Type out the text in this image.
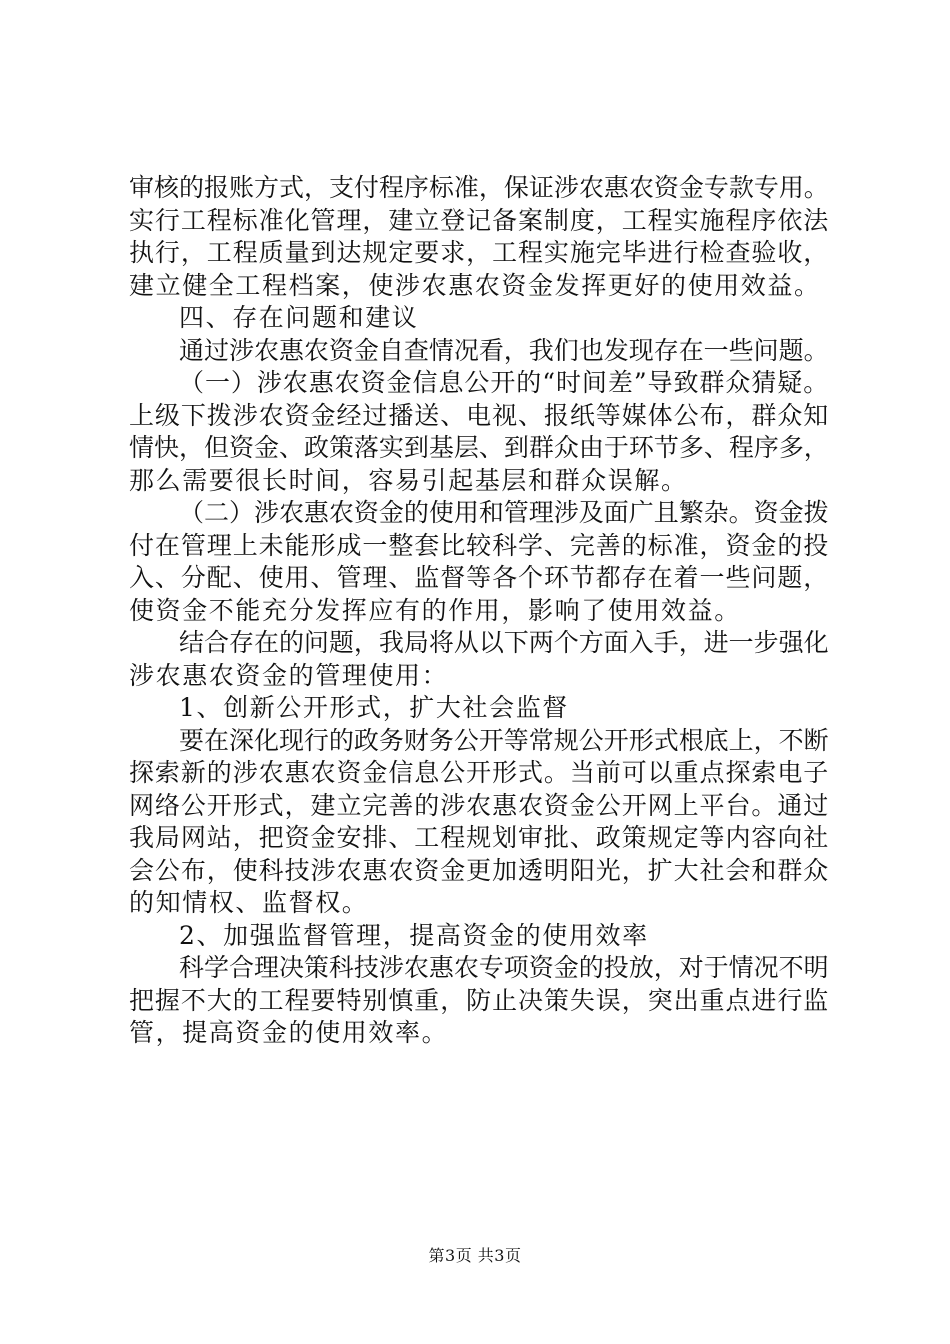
审核的报账方式，支付程序标准，保证涉农惠农资金专款专用。
实行工程标准化管理，建立登记备案制度，工程实施程序依法
执行，工程质量到达规定要求，工程实施完毕进行检查验收，
建立健全工程档案，使涉农惠农资金发挥更好的使用效益。
四、存在问题和建议
通过涉农惠农资金自查情况看，我们也发现存在一些问题。
（一）涉农惠农资金信息公开的“时间差”导致群众猜疑。
上级下拨涉农资金经过播送、电视、报纸等媒体公布，群众知
情快，但资金、政策落实到基层、到群众由于环节多、程序多，
那么需要很长时间，容易引起基层和群众误解。
（二）涉农惠农资金的使用和管理涉及面广且繁杂。资金拨
付在管理上未能形成一整套比较科学、完善的标准，资金的投
入、分配、使用、管理、监督等各个环节都存在着一些问题，
使资金不能充分发挥应有的作用，影响了使用效益。
结合存在的问题，我局将从以下两个方面入手，进一步强化
涉农惠农资金的管理使用：
1、创新公开形式，扩大社会监督
要在深化现行的政务财务公开等常规公开形式根底上，不断
探索新的涉农惠农资金信息公开形式。当前可以重点探索电子
网络公开形式，建立完善的涉农惠农资金公开网上平台。通过
我局网站，把资金安排、工程规划审批、政策规定等内容向社
会公布，使科技涉农惠农资金更加透明阳光，扩大社会和群众
的知情权、监督权。
2、加强监督管理，提高资金的使用效率
科学合理决策科技涉农惠农专项资金的投放，对于情况不明
把握不大的工程要特别慎重，防止决策失误，突出重点进行监
管，提高资金的使用效率。
第3页 共3页
